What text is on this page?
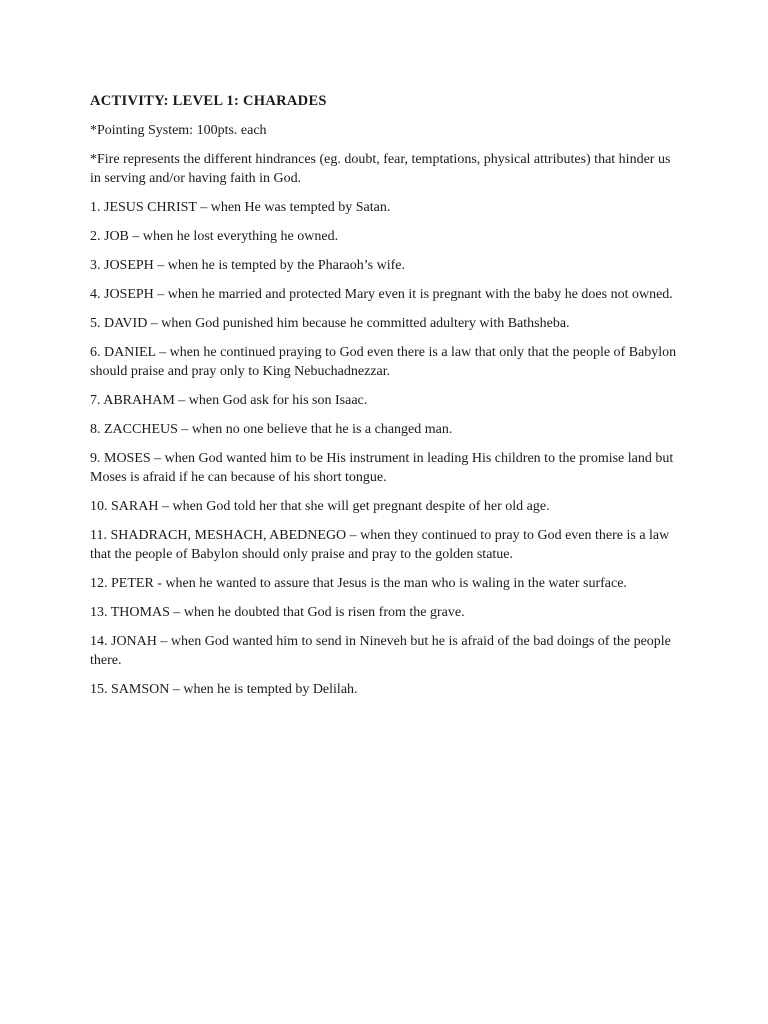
ACTIVITY: LEVEL 1: CHARADES

*Pointing System: 100pts. each

*Fire represents the different hindrances (eg. doubt, fear, temptations, physical attributes) that hinder us in serving and/or having faith in God.

1. JESUS CHRIST – when He was tempted by Satan.
2. JOB – when he lost everything he owned.
3. JOSEPH – when he is tempted by the Pharaoh’s wife.
4. JOSEPH – when he married and protected Mary even it is pregnant with the baby he does not owned.
5. DAVID – when God punished him because he committed adultery with Bathsheba.
6. DANIEL – when he continued praying to God even there is a law that only that the people of Babylon should praise and pray only to King Nebuchadnezzar.
7. ABRAHAM – when God ask for his son Isaac.
8. ZACCHEUS – when no one believe that he is a changed man.
9. MOSES – when God wanted him to be His instrument in leading His children to the promise land but Moses is afraid if he can because of his short tongue.
10. SARAH – when God told her that she will get pregnant despite of her old age.
11. SHADRACH, MESHACH, ABEDNEGO – when they continued to pray to God even there is a law that the people of Babylon should only praise and pray to the golden statue.
12. PETER - when he wanted to assure that Jesus is the man who is waling in the water surface.
13. THOMAS – when he doubted that God is risen from the grave.
14. JONAH – when God wanted him to send in Nineveh but he is afraid of the bad doings of the people there.
15. SAMSON – when he is tempted by Delilah.
